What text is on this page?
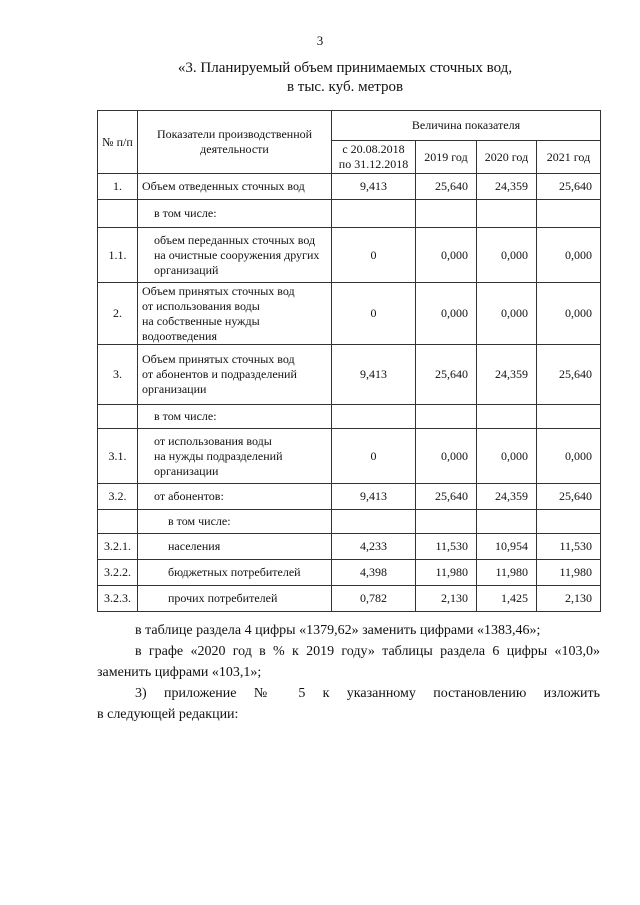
3
«3. Планируемый объем принимаемых сточных вод,
в тыс. куб. метров
№ п/п	Показатели производственной деятельности	Величина показателя			
		с 20.08.2018 по 31.12.2018	2019 год	2020 год	2021 год
1.	Объем отведенных сточных вод	9,413	25,640	24,359	25,640

	в том числе:				

1.1.	объем переданных сточных вод
на очистные сооружения других
организаций	0	0,000	0,000	0,000
2.	Объем принятых сточных вод
от использования воды
на собственные нужды
водоотведения	0	0,000	0,000	0,000
3.	Объем принятых сточных вод
от абонентов и подразделений
организации	9,413	25,640	24,359	25,640

	в том числе:				

3.1.	от использования воды
на нужды подразделений
организации	0	0,000	0,000	0,000
3.2.	от абонентов:	9,413	25,640	24,359	25,640

	в том числе:				

3.2.1.	населения	4,233	11,530	10,954	11,530
3.2.2.	бюджетных потребителей	4,398	11,980	11,980	11,980
3.2.3.	прочих потребителей	0,782	2,130	1,425	2,130

в таблице раздела 4 цифры «1379,62» заменить цифрами «1383,46»;

в графе «2020 год в % к 2019 году» таблицы раздела 6 цифры «103,0»

заменить цифрами «103,1»;

3) приложение № 5 к указанному постановлению изложить

в следующей редакции:
